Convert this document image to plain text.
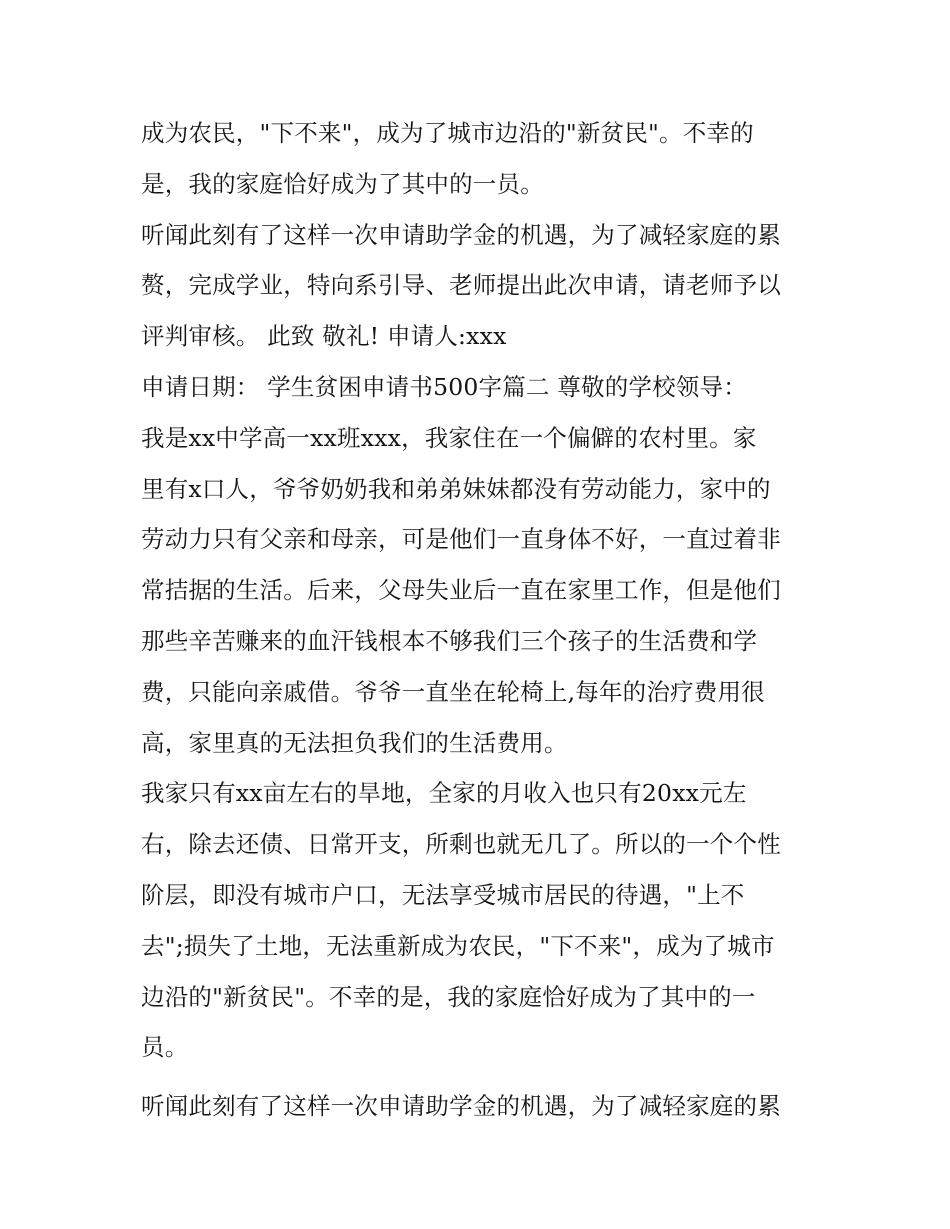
成为农民，"下不来"，成为了城市边沿的"新贫民"。不幸的
是，我的家庭恰好成为了其中的一员。
听闻此刻有了这样一次申请助学金的机遇，为了减轻家庭的累
赘，完成学业，特向系引导、老师提出此次申请，请老师予以
评判审核。 此致 敬礼! 申请人:xxx
申请日期： 学生贫困申请书500字篇二 尊敬的学校领导：
我是xx中学高一xx班xxx，我家住在一个偏僻的农村里。家
里有x口人，爷爷奶奶我和弟弟妹妹都没有劳动能力，家中的
劳动力只有父亲和母亲，可是他们一直身体不好，一直过着非
常拮据的生活。后来，父母失业后一直在家里工作，但是他们
那些辛苦赚来的血汗钱根本不够我们三个孩子的生活费和学
费，只能向亲戚借。爷爷一直坐在轮椅上,每年的治疗费用很
高，家里真的无法担负我们的生活费用。
我家只有xx亩左右的旱地，全家的月收入也只有20xx元左
右，除去还债、日常开支，所剩也就无几了。所以的一个个性
阶层，即没有城市户口，无法享受城市居民的待遇，"上不
去";损失了土地，无法重新成为农民，"下不来"，成为了城市
边沿的"新贫民"。不幸的是，我的家庭恰好成为了其中的一
员。
听闻此刻有了这样一次申请助学金的机遇，为了减轻家庭的累
